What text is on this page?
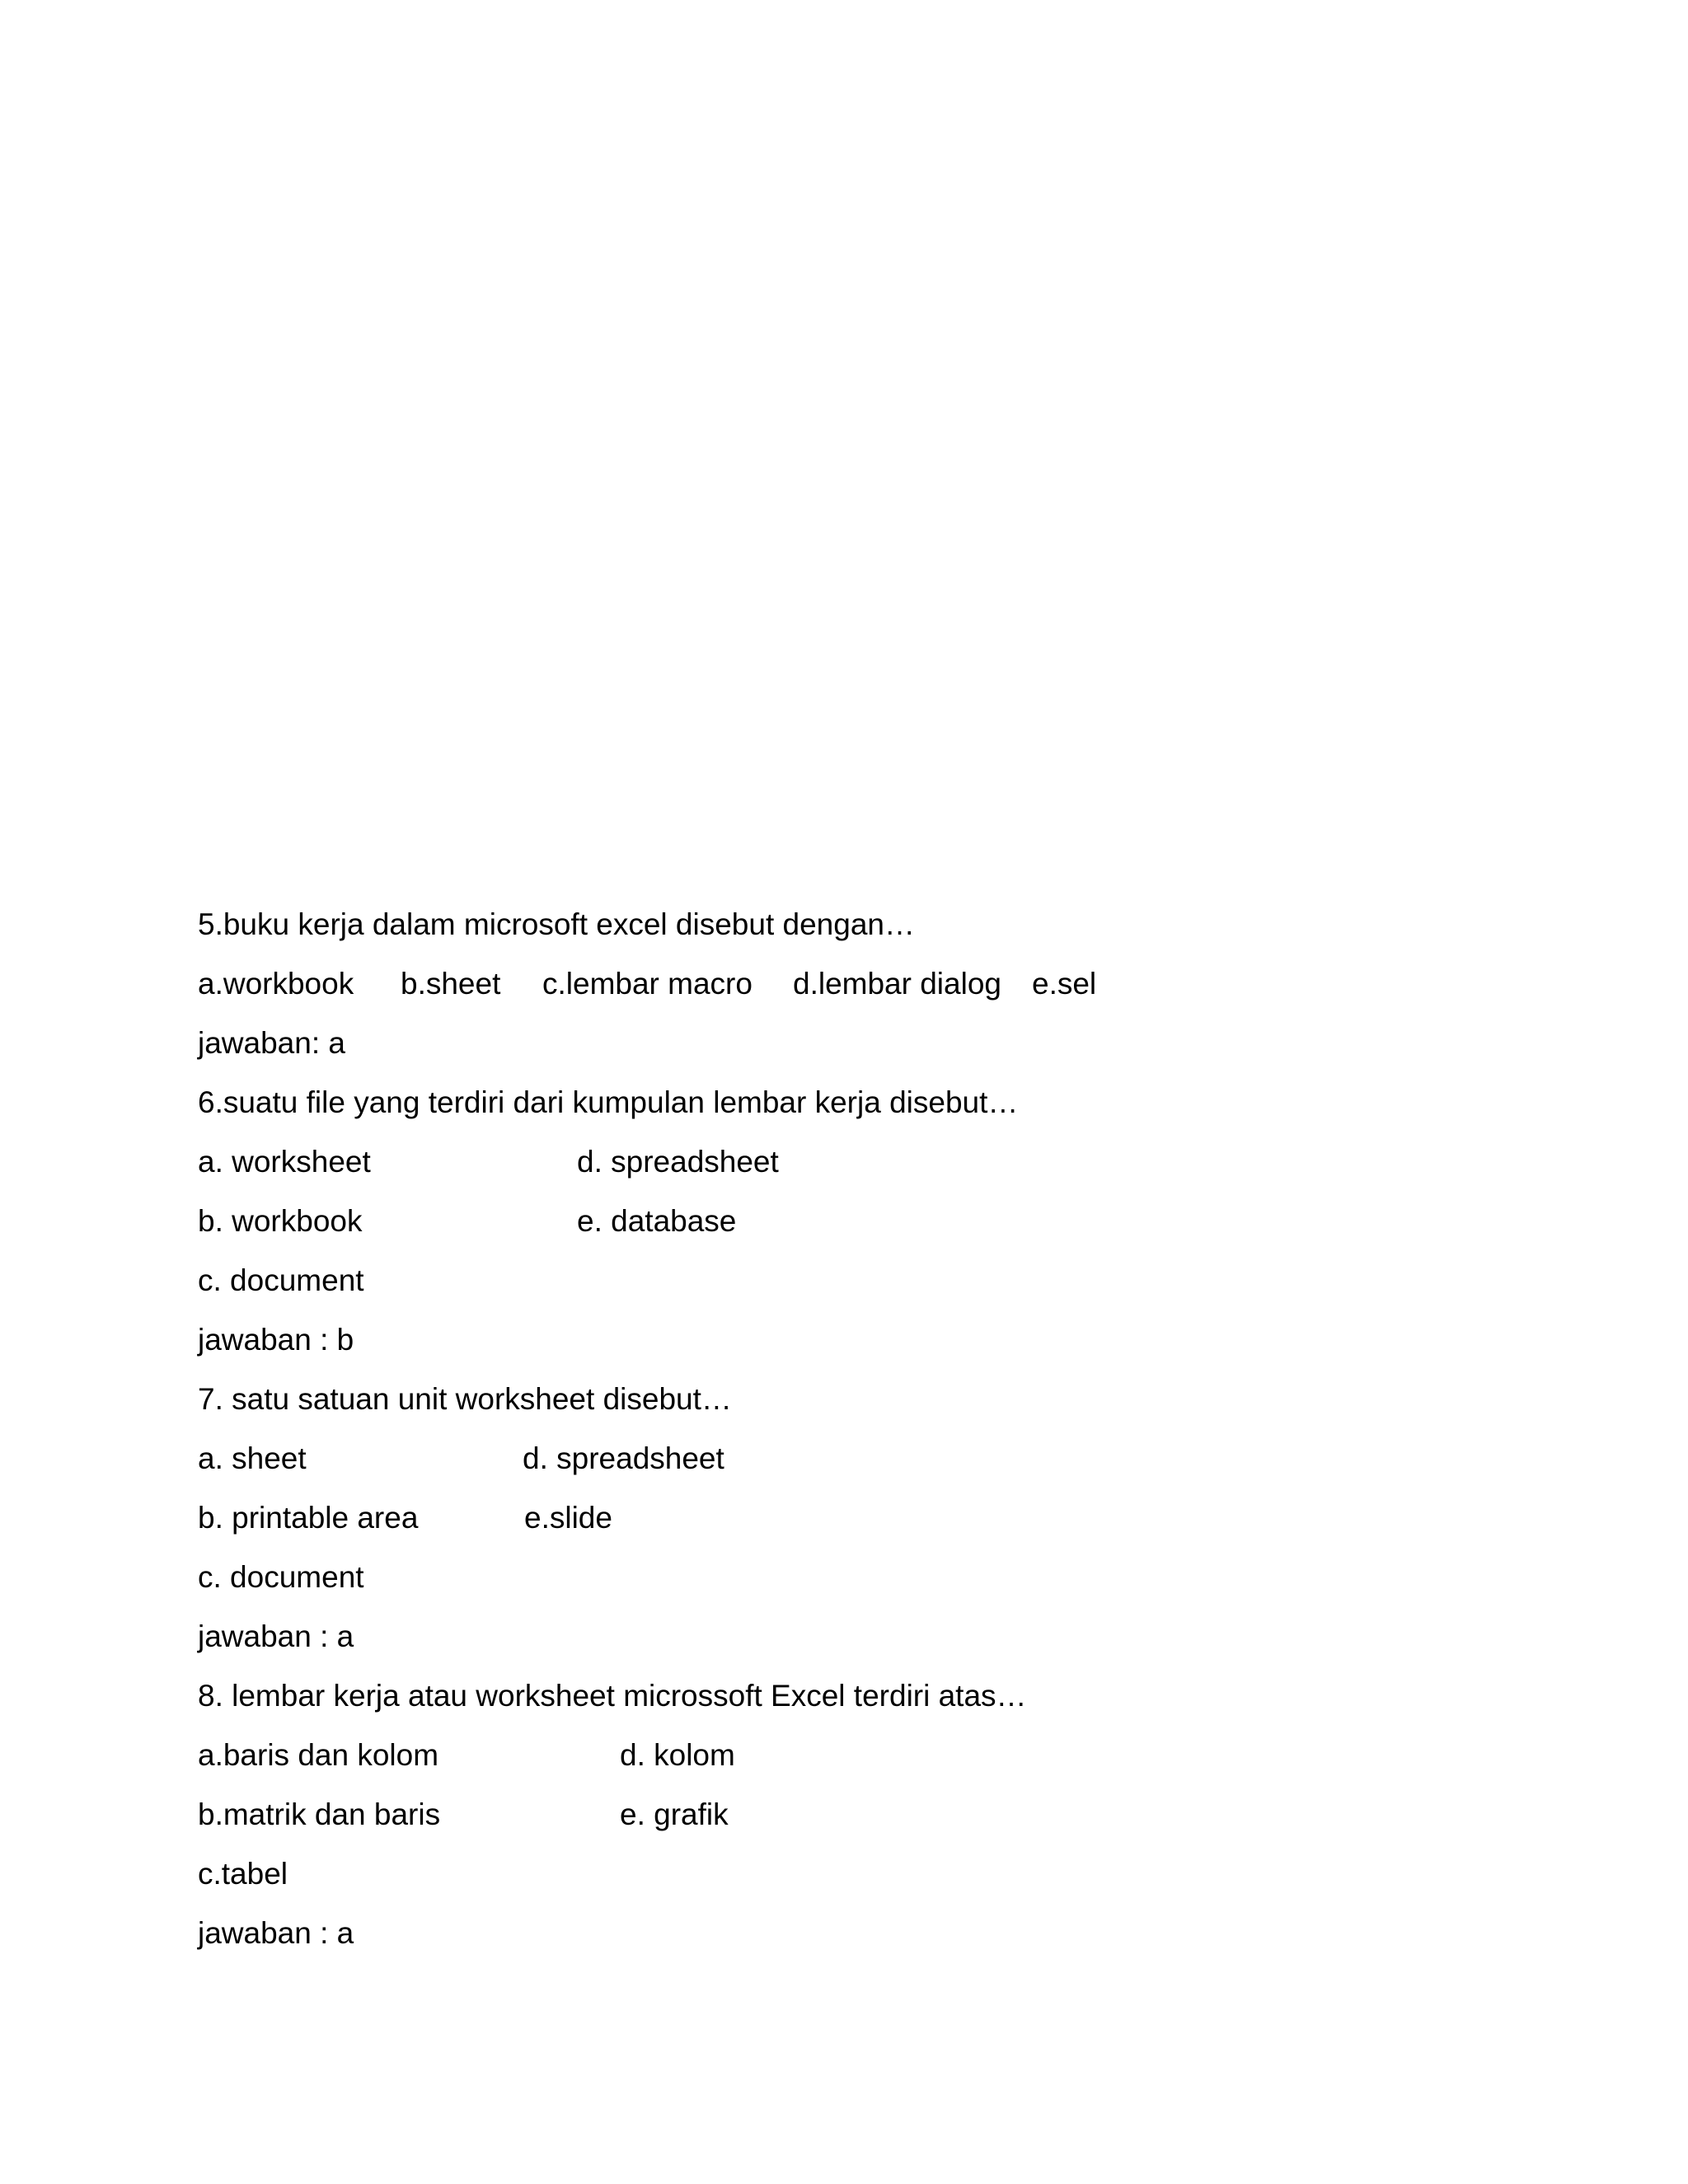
5.buku kerja dalam microsoft excel disebut dengan…
a.workbook b.sheet c.lembar macro d.lembar dialog e.sel
jawaban: a
6.suatu file yang terdiri dari kumpulan lembar kerja disebut…
a. worksheet	d. spreadsheet
b. workbook	e. database
c. document
jawaban : b
7. satu satuan unit worksheet disebut…
a. sheet	d. spreadsheet
b. printable area	e.slide
c. document
jawaban : a
8. lembar kerja atau worksheet microssoft Excel terdiri atas…
a.baris dan kolom	d. kolom
b.matrik dan baris	e. grafik
c.tabel
jawaban : a
